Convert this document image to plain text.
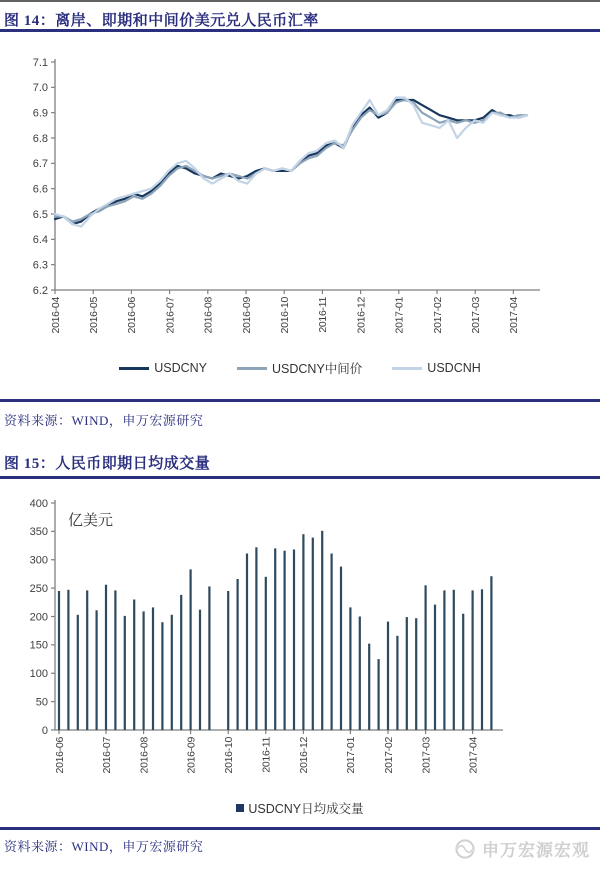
图 14：离岸、即期和中间价美元兑人民币汇率
7.1
7.0
6.9
6.8
6.7
6.6
6.5
6.4
6.3
6.2
2016-04 2016-05 2016-06 2016-07 2016-08 2016-09 2016-10 2016-11 2016-12 2017-01 2017-02 2017-03 2017-04
USDCNY	USDCNY中间价	USDCNH
资料来源：WIND，申万宏源研究
图 15：人民币即期日均成交量
400
350
300
250
200
150
100
50
0
2016-06	2016-07 2016-08	2016-09 2016-10 2016-11 2016-12	2017-01 2017-02 2017-03	2017-04
亿美元
USDCNY日均成交量
资料来源：WIND，申万宏源研究	申万宏源宏观
